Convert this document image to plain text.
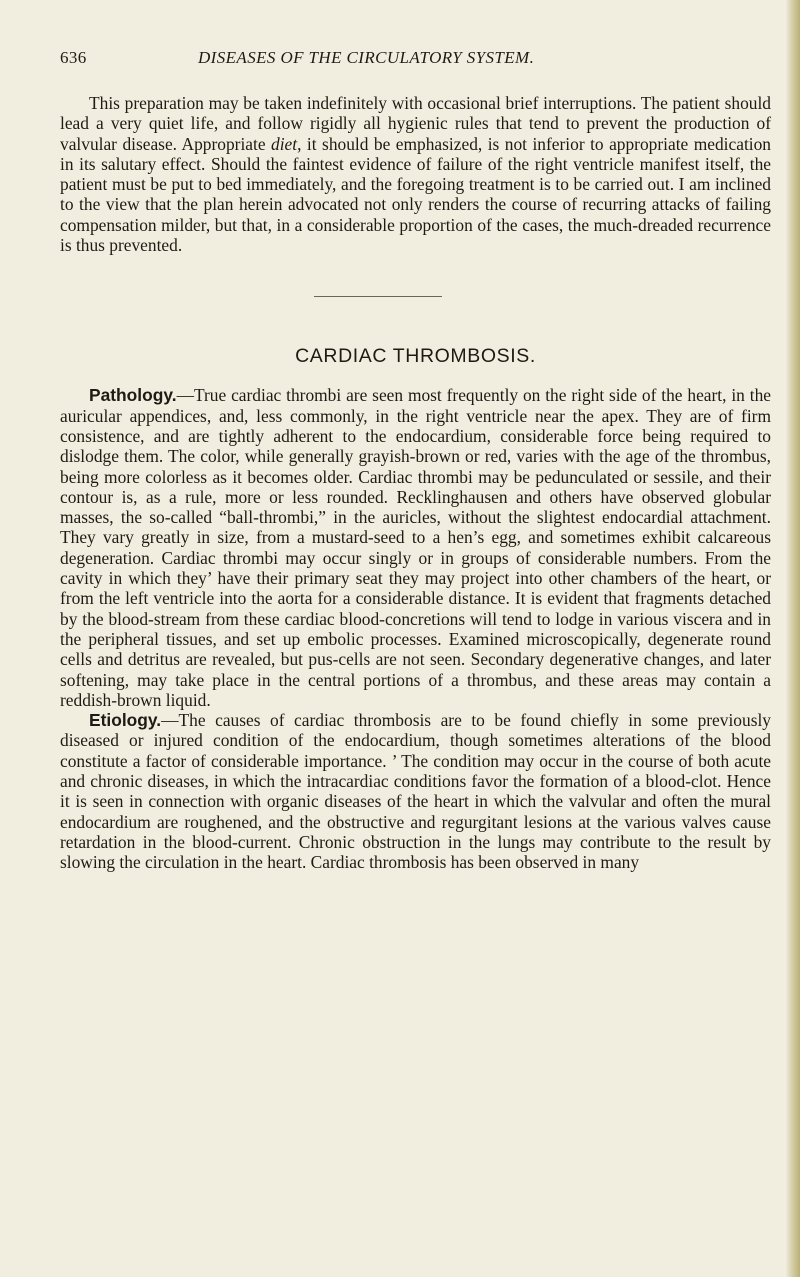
636	DISEASES OF THE CIRCULATORY SYSTEM.

This preparation may be taken indefinitely with occasional brief interruptions. The patient should lead a very quiet life, and follow rigidly all hygienic rules that tend to prevent the production of valvular disease. Appropriate diet, it should be emphasized, is not inferior to appropriate medication in its salutary effect. Should the faintest evidence of failure of the right ventricle manifest itself, the patient must be put to bed immediately, and the foregoing treatment is to be carried out. I am inclined to the view that the plan herein advocated not only renders the course of recurring attacks of failing compensation milder, but that, in a considerable proportion of the cases, the much-dreaded recurrence is thus prevented.

CARDIAC THROMBOSIS.

Pathology.—True cardiac thrombi are seen most frequently on the right side of the heart, in the auricular appendices, and, less commonly, in the right ventricle near the apex. They are of firm consistence, and are tightly adherent to the endocardium, considerable force being required to dislodge them. The color, while generally grayish-brown or red, varies with the age of the thrombus, being more colorless as it becomes older. Cardiac thrombi may be pedunculated or sessile, and their contour is, as a rule, more or less rounded. Recklinghausen and others have observed globular masses, the so-called “ball-thrombi,” in the auricles, without the slightest endocardial attachment. They vary greatly in size, from a mustard-seed to a hen’s egg, and sometimes exhibit calcareous degeneration. Cardiac thrombi may occur singly or in groups of considerable numbers. From the cavity in which they’ have their primary seat they may project into other chambers of the heart, or from the left ventricle into the aorta for a considerable distance. It is evident that fragments detached by the blood-stream from these cardiac blood-concretions will tend to lodge in various viscera and in the peripheral tissues, and set up embolic processes. Examined microscopically, degenerate round cells and detritus are revealed, but pus-cells are not seen. Secondary degenerative changes, and later softening, may take place in the central portions of a thrombus, and these areas may contain a reddish-brown liquid.

Etiology.—The causes of cardiac thrombosis are to be found chiefly in some previously diseased or injured condition of the endocardium, though sometimes alterations of the blood constitute a factor of considerable importance. ’ The condition may occur in the course of both acute and chronic diseases, in which the intracardiac conditions favor the formation of a blood-clot. Hence it is seen in connection with organic diseases of the heart in which the valvular and often the mural endocardium are roughened, and the obstructive and regurgitant lesions at the various valves cause retardation in the blood-current. Chronic obstruction in the lungs may contribute to the result by slowing the circulation in the heart. Cardiac thrombosis has been observed in many
